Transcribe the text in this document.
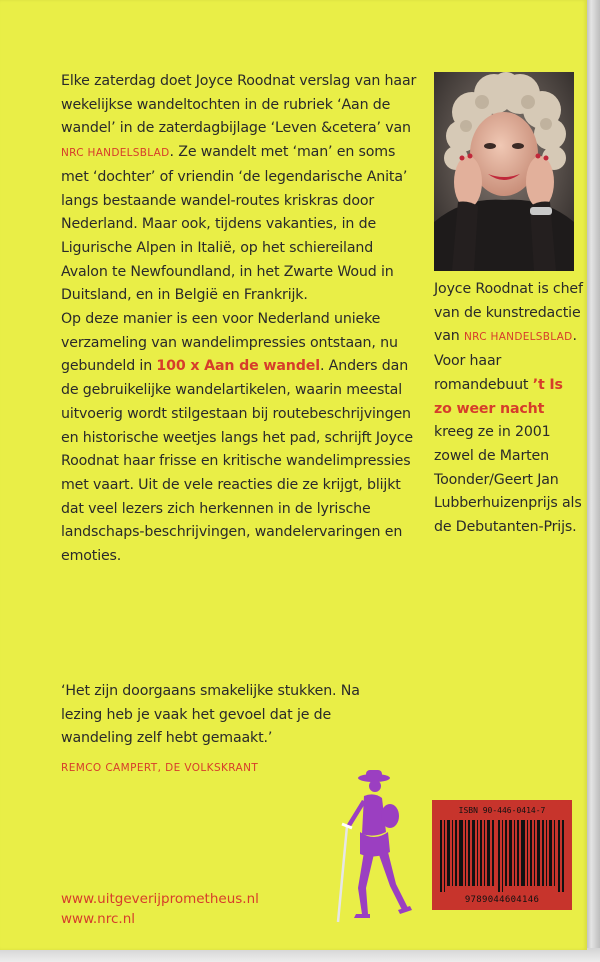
Elke zaterdag doet Joyce Roodnat verslag van haar wekelijkse wandeltochten in de rubriek ‘Aan de wandel’ in de zaterdagbijlage ‘Leven &cetera’ van NRC HANDELSBLAD. Ze wandelt met ‘man’ en soms met ‘dochter’ of vriendin ‘de legendarische Anita’ langs bestaande wandel-routes kriskras door Nederland. Maar ook, tijdens vakanties, in de Ligurische Alpen in Italië, op het schiereiland Avalon te Newfoundland, in het Zwarte Woud in Duitsland, en in België en Frankrijk.

Op deze manier is een voor Nederland unieke verzameling van wandelimpressies ontstaan, nu gebundeld in 100 x Aan de wandel. Anders dan de gebruikelijke wandelartikelen, waarin meestal uitvoerig wordt stilgestaan bij routebeschrijvingen en historische weetjes langs het pad, schrijft Joyce Roodnat haar frisse en kritische wandelimpressies met vaart. Uit de vele reacties die ze krijgt, blijkt dat veel lezers zich herkennen in de lyrische landschaps-beschrijvingen, wandelervaringen en emoties.

‘Het zijn doorgaans smakelijke stukken. Na lezing heb je vaak het gevoel dat je de wandeling zelf hebt gemaakt.’
REMCO CAMPERT, DE VOLKSKRANT
Joyce Roodnat is chef van de kunstredactie van NRC HANDELSBLAD. Voor haar romandebuut ’t Is zo weer nacht kreeg ze in 2001 zowel de Marten Toonder/Geert Jan Lubberhuizenprijs als de Debutanten-Prijs.
ISBN 90-446-0414-7
9789044604146
www.uitgeverijprometheus.nl
www.nrc.nl
